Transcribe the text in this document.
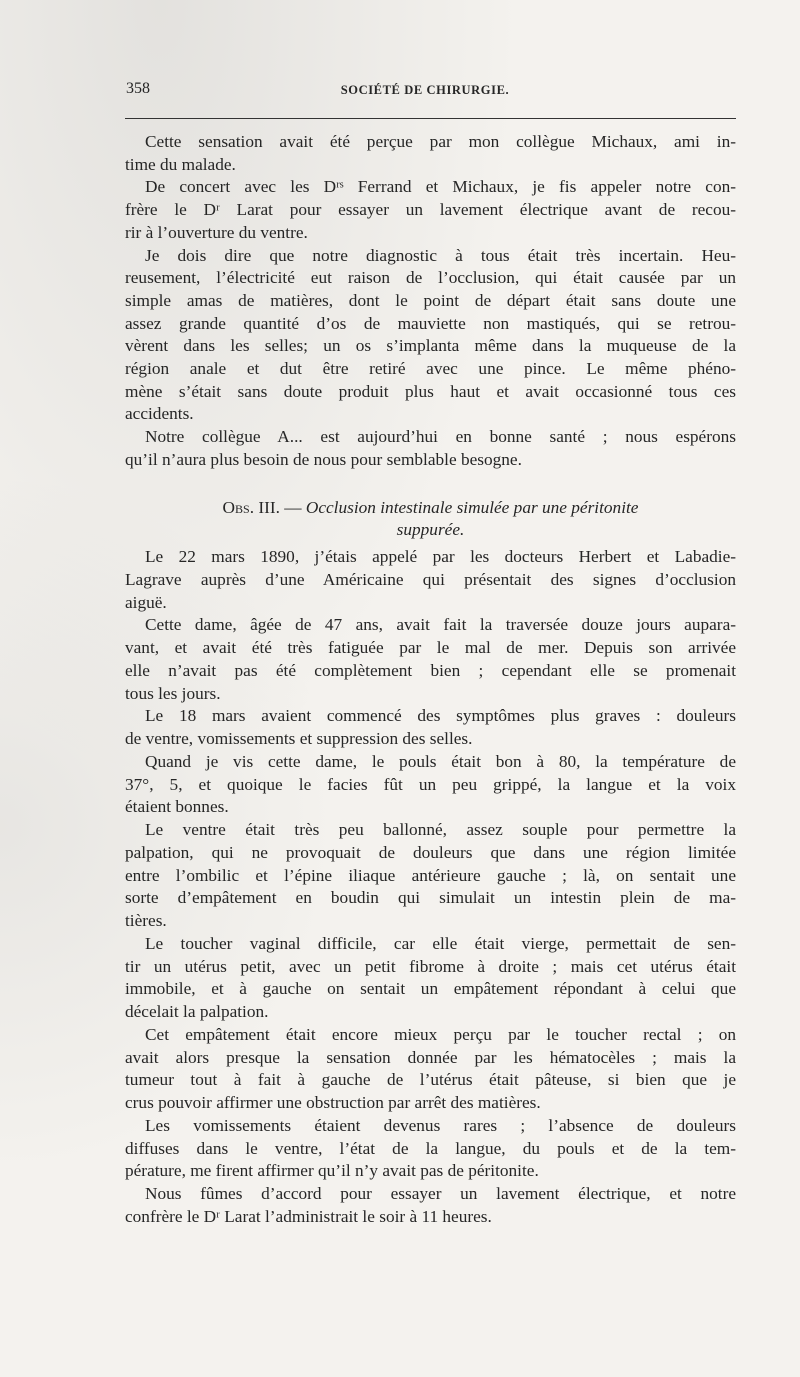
358	SOCIÉTÉ DE CHIRURGIE.
Cette sensation avait été perçue par mon collègue Michaux, ami in-
time du malade.
De concert avec les Dʳˢ Ferrand et Michaux, je fis appeler notre con-
frère le Dʳ Larat pour essayer un lavement électrique avant de recou-
rir à l’ouverture du ventre.
Je dois dire que notre diagnostic à tous était très incertain. Heu-
reusement, l’électricité eut raison de l’occlusion, qui était causée par un
simple amas de matières, dont le point de départ était sans doute une
assez grande quantité d’os de mauviette non mastiqués, qui se retrou-
vèrent dans les selles; un os s’implanta même dans la muqueuse de la
région anale et dut être retiré avec une pince. Le même phéno-
mène s’était sans doute produit plus haut et avait occasionné tous ces
accidents.
Notre collègue A... est aujourd’hui en bonne santé ; nous espérons
qu’il n’aura plus besoin de nous pour semblable besogne.
Le 22 mars 1890, j’étais appelé par les docteurs Herbert et Labadie-
Lagrave auprès d’une Américaine qui présentait des signes d’occlusion
aiguë.
Cette dame, âgée de 47 ans, avait fait la traversée douze jours aupara-
vant, et avait été très fatiguée par le mal de mer. Depuis son arrivée
elle n’avait pas été complètement bien ; cependant elle se promenait
tous les jours.
Le 18 mars avaient commencé des symptômes plus graves : douleurs
de ventre, vomissements et suppression des selles.
Quand je vis cette dame, le pouls était bon à 80, la température de
37°, 5, et quoique le facies fût un peu grippé, la langue et la voix
étaient bonnes.
Le ventre était très peu ballonné, assez souple pour permettre la
palpation, qui ne provoquait de douleurs que dans une région limitée
entre l’ombilic et l’épine iliaque antérieure gauche ; là, on sentait une
sorte d’empâtement en boudin qui simulait un intestin plein de ma-
tières.
Le toucher vaginal difficile, car elle était vierge, permettait de sen-
tir un utérus petit, avec un petit fibrome à droite ; mais cet utérus était
immobile, et à gauche on sentait un empâtement répondant à celui que
décelait la palpation.
Cet empâtement était encore mieux perçu par le toucher rectal ; on
avait alors presque la sensation donnée par les hématocèles ; mais la
tumeur tout à fait à gauche de l’utérus était pâteuse, si bien que je
crus pouvoir affirmer une obstruction par arrêt des matières.
Les vomissements étaient devenus rares ; l’absence de douleurs
diffuses dans le ventre, l’état de la langue, du pouls et de la tem-
pérature, me firent affirmer qu’il n’y avait pas de péritonite.
Nous fûmes d’accord pour essayer un lavement électrique, et notre
confrère le Dʳ Larat l’administrait le soir à 11 heures.
Obs. III. — Occlusion intestinale simulée par une péritonite
suppurée.
